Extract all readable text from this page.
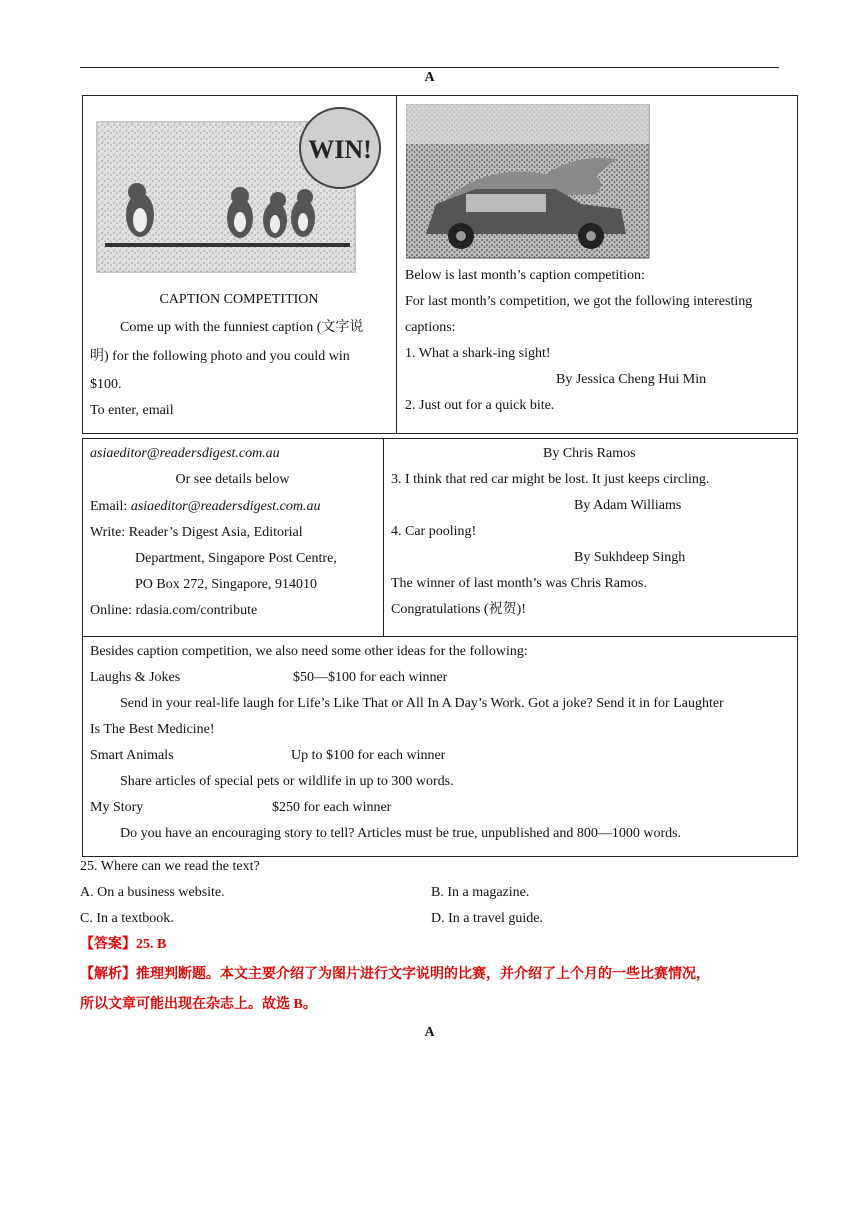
A
WIN!
CAPTION COMPETITION
Come up with the funniest caption (文字说
明) for the following photo and you could win
$100.
To enter, email
Below is last month’s caption competition:
For last month’s competition, we got the following interesting
captions:
1. What a shark-ing sight!
By Jessica Cheng Hui Min
2. Just out for a quick bite.
asiaeditor@readersdigest.com.au
Or see details below
Email: asiaeditor@readersdigest.com.au
Write: Reader’s Digest Asia, Editorial
Department, Singapore Post Centre,
PO Box 272, Singapore, 914010
Online: rdasia.com/contribute
By Chris Ramos
3. I think that red car might be lost. It just keeps circling.
By Adam Williams
4. Car pooling!
By Sukhdeep Singh
The winner of last month’s was Chris Ramos.
Congratulations (祝贺)!
Besides caption competition, we also need some other ideas for the following:
Laughs & Jokes	$50—$100 for each winner
Send in your real-life laugh for Life’s Like That or All In A Day’s Work. Got a joke? Send it in for Laughter
Is The Best Medicine!
Smart Animals	Up to $100 for each winner
Share articles of special pets or wildlife in up to 300 words.
My Story	$250 for each winner
Do you have an encouraging story to tell? Articles must be true, unpublished and 800—1000 words.
25. Where can we read the text?
A. On a business website.	B. In a magazine.
C. In a textbook.	D. In a travel guide.
【答案】25. B
【解析】推理判断题。本文主要介绍了为图片进行文字说明的比赛，并介绍了上个月的一些比赛情况，
所以文章可能出现在杂志上。故选 B。
A
